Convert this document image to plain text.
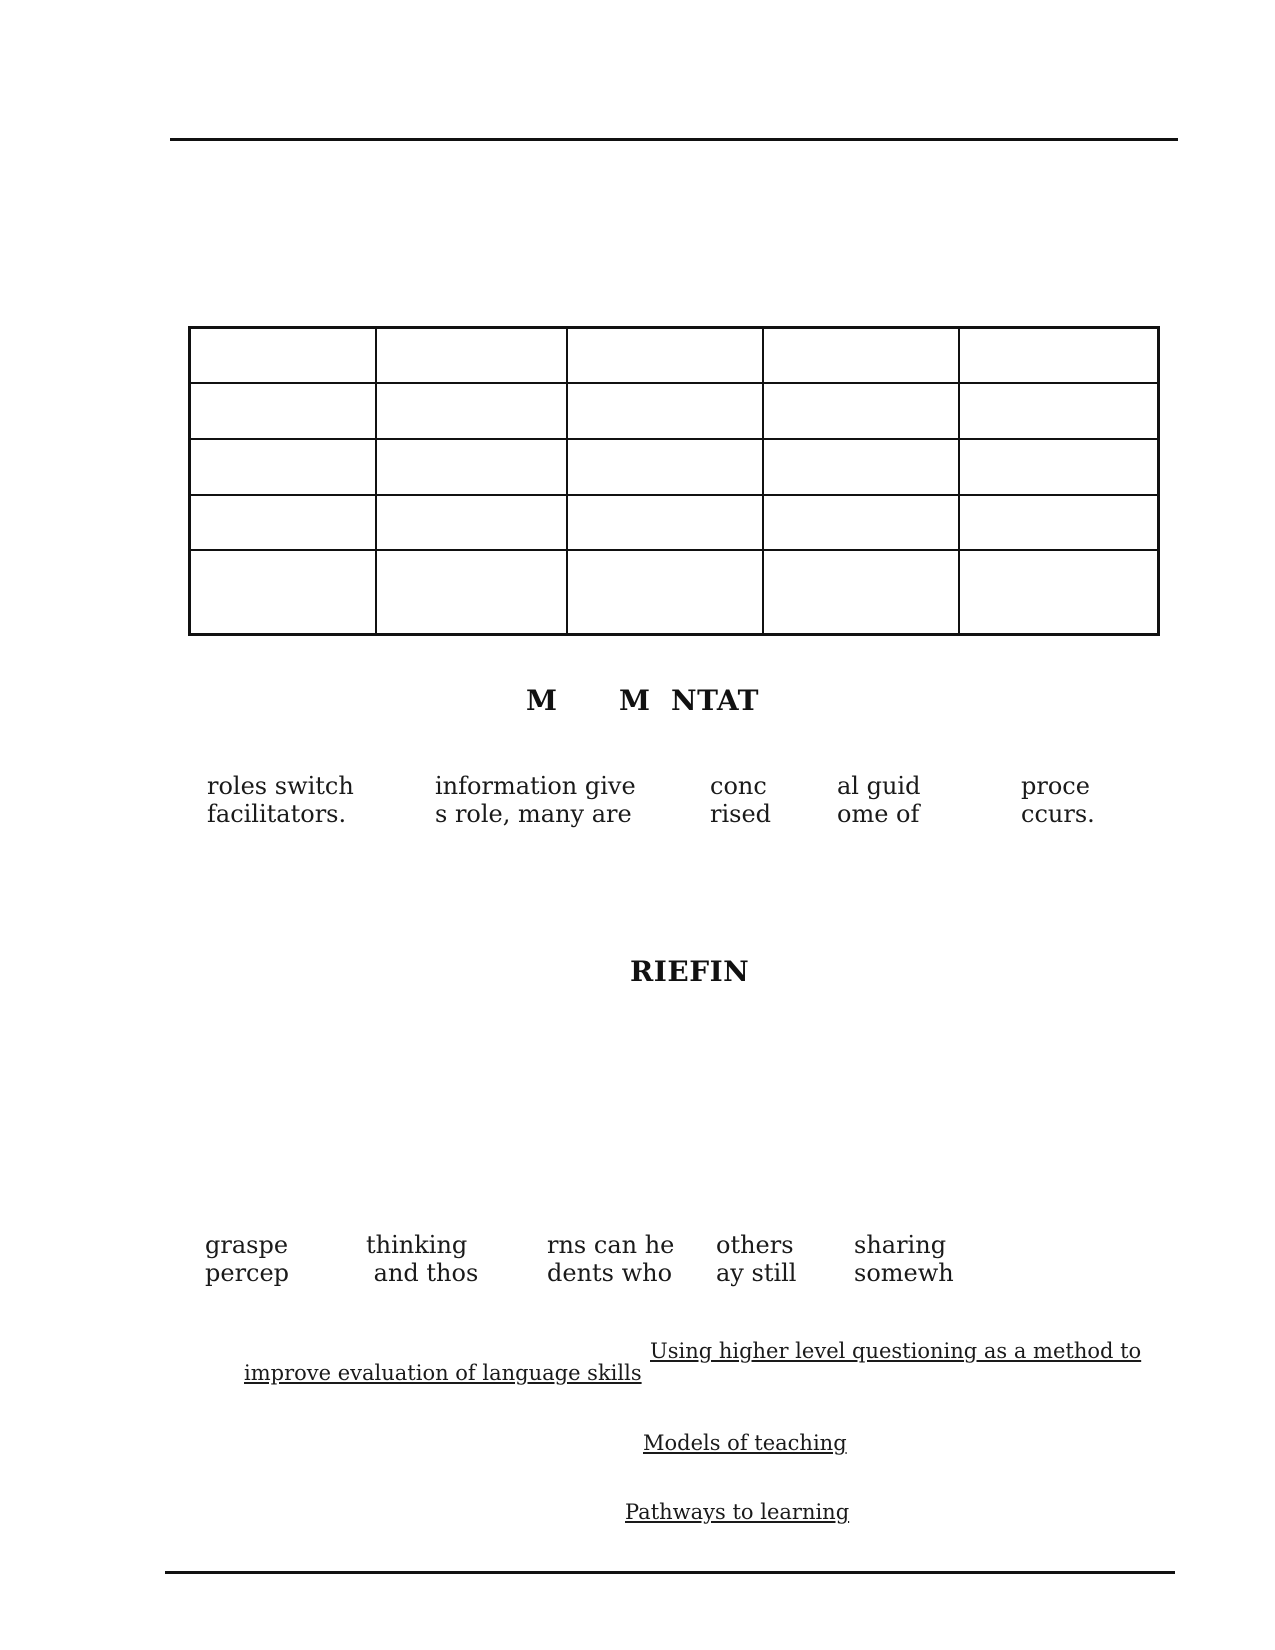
M      M  NTAT
roles switch
facilitators.
information give
s role, many are
conc
rised
al guid
ome of
proce
ccurs.
RIEFIN
graspe
percep
thinking
and thos
rns can he
dents who
others
ay still
sharing
somewh
Using higher level questioning as a method to
improve evaluation of language skills
Models of teaching
Pathways to learning
